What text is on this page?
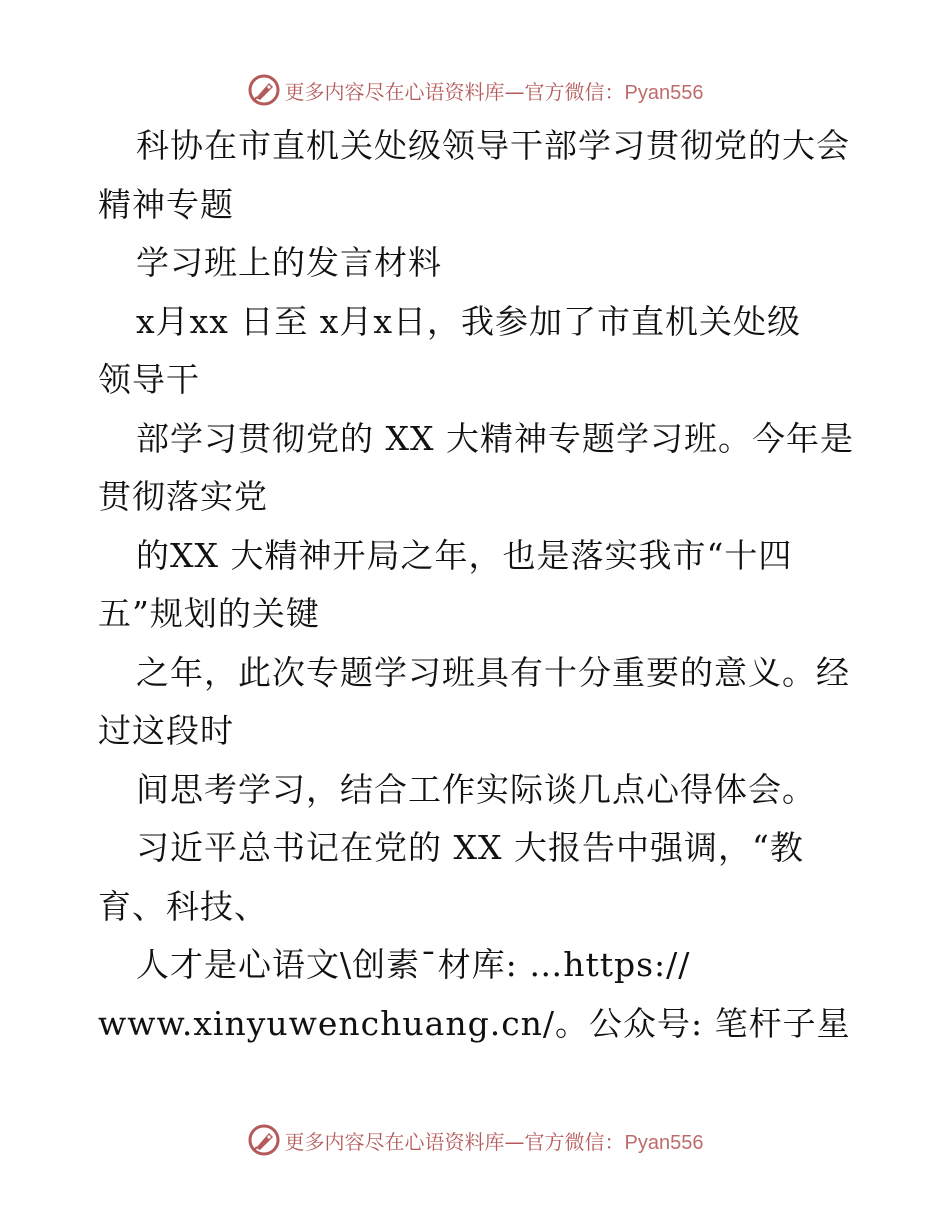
更多内容尽在心语资料库—官方微信：Pyan556
科协在市直机关处级领导干部学习贯彻党的大会
精神专题
学习班上的发言材料
x月xx 日至 x月x日，我参加了市直机关处级
领导干
部学习贯彻党的 XX 大精神专题学习班。今年是
贯彻落实党
的XX 大精神开局之年，也是落实我市“十四
五”规划的关键
之年，此次专题学习班具有十分重要的意义。经
过这段时
间思考学习，结合工作实际谈几点心得体会。
习近平总书记在党的 XX 大报告中强调，“教
育、科技、
人才是心语文\创素¯材库: …https://
www.xinyuwenchuang.cn/。公众号: 笔杆子星
更多内容尽在心语资料库—官方微信：Pyan556
